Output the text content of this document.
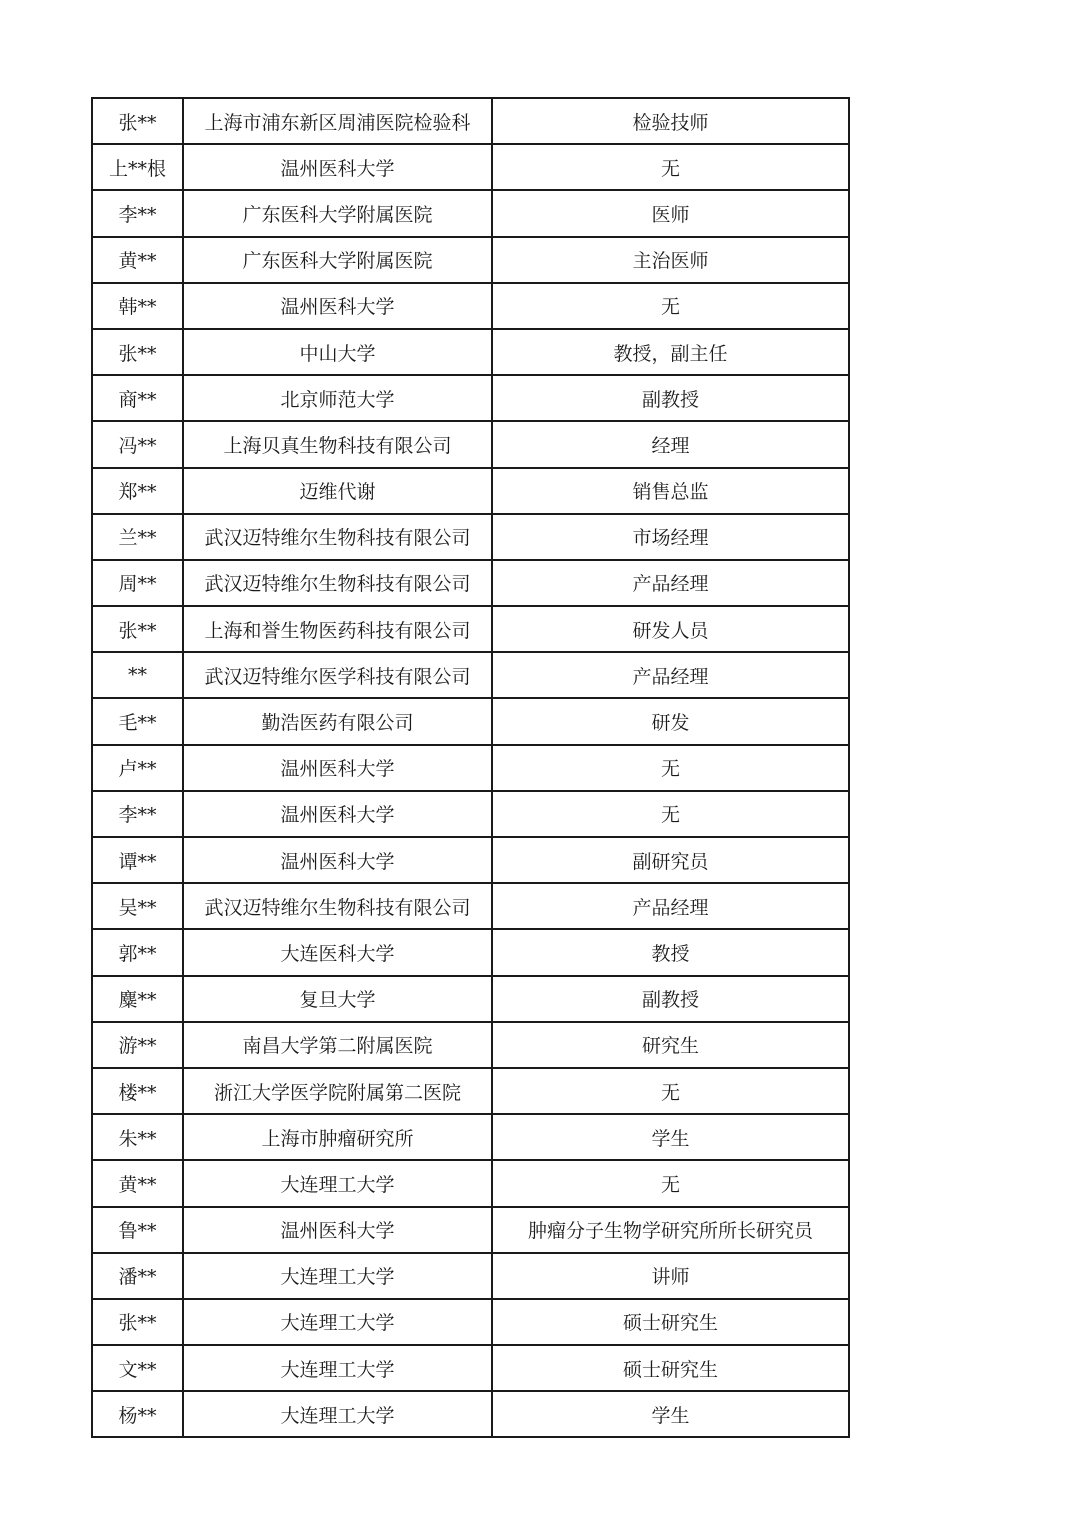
张**	上海市浦东新区周浦医院检验科	检验技师
上**根	温州医科大学	无
李**	广东医科大学附属医院	医师
黄**	广东医科大学附属医院	主治医师
韩**	温州医科大学	无
张**	中山大学	教授，副主任
商**	北京师范大学	副教授
冯**	上海贝真生物科技有限公司	经理
郑**	迈维代谢	销售总监
兰**	武汉迈特维尔生物科技有限公司	市场经理
周**	武汉迈特维尔生物科技有限公司	产品经理
张**	上海和誉生物医药科技有限公司	研发人员
**	武汉迈特维尔医学科技有限公司	产品经理
毛**	勤浩医药有限公司	研发
卢**	温州医科大学	无
李**	温州医科大学	无
谭**	温州医科大学	副研究员
吴**	武汉迈特维尔生物科技有限公司	产品经理
郭**	大连医科大学	教授
麋**	复旦大学	副教授
游**	南昌大学第二附属医院	研究生
楼**	浙江大学医学院附属第二医院	无
朱**	上海市肿瘤研究所	学生
黄**	大连理工大学	无
鲁**	温州医科大学	肿瘤分子生物学研究所所长研究员
潘**	大连理工大学	讲师
张**	大连理工大学	硕士研究生
文**	大连理工大学	硕士研究生
杨**	大连理工大学	学生
